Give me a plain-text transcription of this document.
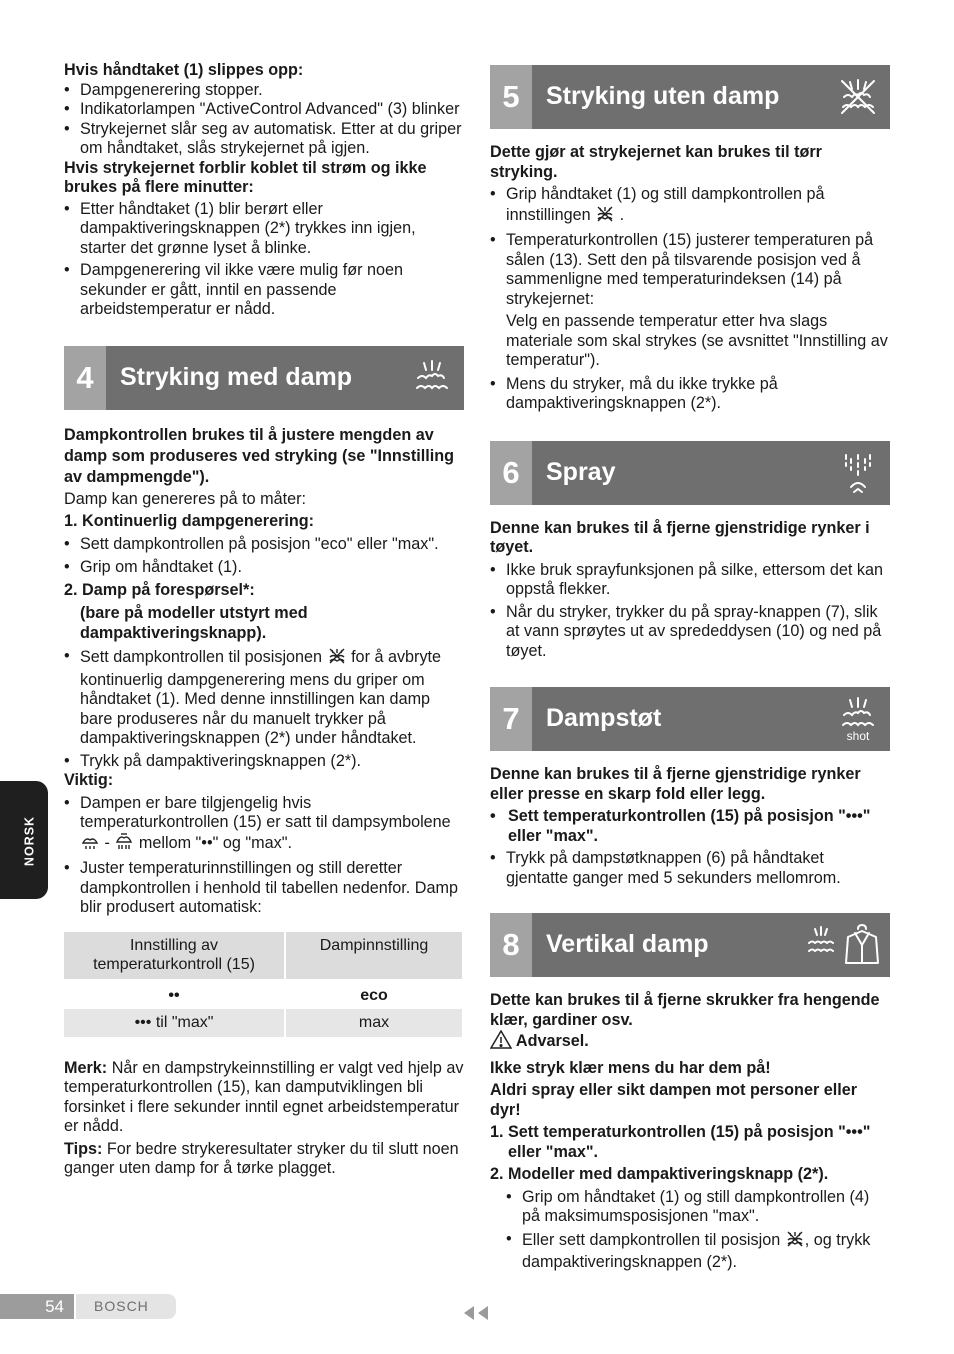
Hvis håndtaket (1) slippes opp:

• Dampgenerering stopper.

• Indikatorlampen "ActiveControl Advanced" (3) blinker

• Strykejernet slår seg av automatisk. Etter at du griper om håndtaket, slås strykejernet på igjen.

Hvis strykejernet forblir koblet til strøm og ikke brukes på flere minutter:

• Etter håndtaket (1) blir berørt eller dampaktiveringsknappen (2*) trykkes inn igjen, starter det grønne lyset å blinke.

• Dampgenerering vil ikke være mulig før noen sekunder er gått, inntil en passende arbeidstemperatur er nådd.

4	Stryking med damp

Dampkontrollen brukes til å justere mengden av damp som produseres ved stryking (se "Innstilling av dampmengde").

Damp kan genereres på to måter:

1. Kontinuerlig dampgenerering:

• Sett dampkontrollen på posisjon "eco" eller "max".

• Grip om håndtaket (1).

2. Damp på forespørsel*:

(bare på modeller utstyrt med dampaktiveringsknapp).

• Sett dampkontrollen til posisjonen for å avbryte kontinuerlig dampgenerering mens du griper om håndtaket (1). Med denne innstillingen kan damp bare produseres når du manuelt trykker på dampaktiveringsknappen (2*) under håndtaket.

• Trykk på dampaktiveringsknappen (2*).

Viktig:

• Dampen er bare tilgjengelig hvis temperaturkontrollen (15) er satt til dampsymbolene  - mellom "••" og "max".

• Juster temperaturinnstillingen og still deretter dampkontrollen i henhold til tabellen nedenfor. Damp blir produsert automatisk:

Innstilling av temperaturkontroll (15)	Dampinnstilling
••	eco
••• til "max"	max

Merk: Når en dampstrykeinnstilling er valgt ved hjelp av temperaturkontrollen (15), kan damputviklingen bli forsinket i flere sekunder inntil egnet arbeidstemperatur er nådd.

Tips: For bedre strykeresultater stryker du til slutt noen ganger uten damp for å tørke plagget.

5	Stryking uten damp

Dette gjør at strykejernet kan brukes til tørr stryking.

• Grip håndtaket (1) og still dampkontrollen på innstillingen .

• Temperaturkontrollen (15) justerer temperaturen på sålen (13). Sett den på tilsvarende posisjon ved å sammenligne med temperaturindeksen (14) på strykejernet:

Velg en passende temperatur etter hva slags materiale som skal strykes (se avsnittet "Innstilling av temperatur").

• Mens du stryker, må du ikke trykke på dampaktiveringsknappen (2*).

6	Spray

Denne kan brukes til å fjerne gjenstridige rynker i tøyet.

• Ikke bruk sprayfunksjonen på silke, ettersom det kan oppstå flekker.

• Når du stryker, trykker du på spray-knappen (7), slik at vann sprøytes ut av sprededdysen (10) og ned på tøyet.

7	Dampstøt
shot

Denne kan brukes til å fjerne gjenstridige rynker eller presse en skarp fold eller legg.

• Sett temperaturkontrollen (15) på posisjon "•••" eller "max".

• Trykk på dampstøtknappen (6) på håndtaket gjentatte ganger med 5 sekunders mellomrom.

8	Vertikal damp

Dette kan brukes til å fjerne skrukker fra hengende klær, gardiner osv.

Advarsel.

Ikke stryk klær mens du har dem på!

Aldri spray eller sikt dampen mot personer eller dyr!

1. Sett temperaturkontrollen (15) på posisjon "•••" eller "max".

2. Modeller med dampaktiveringsknapp (2*).

• Grip om håndtaket (1) og still dampkontrollen (4) på maksimumsposisjonen "max".

• Eller sett dampkontrollen til posisjon , og trykk dampaktiveringsknappen (2*).

NORSK
54	BOSCH
